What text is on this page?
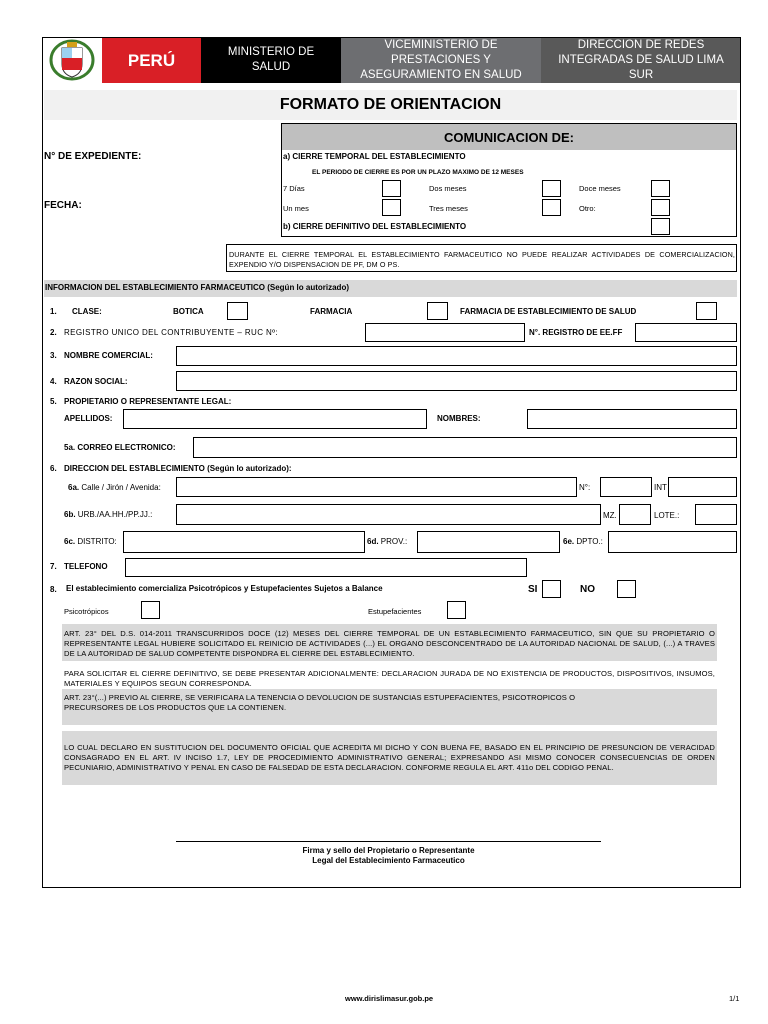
PERÚ	MINISTERIO DE SALUD
VICEMINISTERIO DE PRESTACIONES Y ASEGURAMIENTO EN SALUD
DIRECCION DE REDES INTEGRADAS DE SALUD LIMA SUR
FORMATO DE ORIENTACION
N° DE EXPEDIENTE:
FECHA:
COMUNICACION DE:
a) CIERRE TEMPORAL DEL ESTABLECIMIENTO
EL PERIODO DE CIERRE ES POR UN PLAZO MAXIMO DE 12 MESES
7 Días	Dos meses	Doce meses
Un mes	Tres meses	Otro:
b) CIERRE DEFINITIVO DEL ESTABLECIMIENTO
DURANTE EL CIERRE TEMPORAL EL ESTABLECIMIENTO FARMACEUTICO NO PUEDE REALIZAR ACTIVIDADES DE COMERCIALIZACION, EXPENDIO Y/O DISPENSACION DE PF, DM O PS.
INFORMACION DEL ESTABLECIMIENTO FARMACEUTICO (Según lo autorizado)
1. CLASE:	BOTICA	FARMACIA	FARMACIA DE ESTABLECIMIENTO DE SALUD
2. REGISTRO UNICO DEL CONTRIBUYENTE – RUC Nº:	N°. REGISTRO DE EE.FF
3. NOMBRE COMERCIAL:
4. RAZON SOCIAL:
5. PROPIETARIO O REPRESENTANTE LEGAL:
APELLIDOS:	NOMBRES:
5a. CORREO ELECTRONICO:
6. DIRECCION DEL ESTABLECIMIENTO (Según lo autorizado):
6a. Calle / Jirón / Avenida:	N°:	INT
6b. URB./AA.HH./PP.JJ.:	MZ.	LOTE.:
6c. DISTRITO:	6d. PROV.:	6e. DPTO.:
7. TELEFONO
8. El establecimiento comercializa Psicotrópicos y Estupefacientes Sujetos a Balance	SI	NO
Psicotrópicos	Estupefacientes
ART. 23° DEL D.S. 014-2011 TRANSCURRIDOS DOCE (12) MESES DEL CIERRE TEMPORAL DE UN ESTABLECIMIENTO FARMACEUTICO, SIN QUE SU PROPIETARIO O REPRESENTANTE LEGAL HUBIERE SOLICITADO EL REINICIO DE ACTIVIDADES (...) EL ORGANO DESCONCENTRADO DE LA AUTORIDAD NACIONAL DE SALUD, (...) A TRAVES DE LA AUTORIDAD DE SALUD COMPETENTE DISPONDRA EL CIERRE DEL ESTABLECIMIENTO.
PARA SOLICITAR EL CIERRE DEFINITIVO, SE DEBE PRESENTAR ADICIONALMENTE: DECLARACION JURADA DE NO EXISTENCIA DE PRODUCTOS, DISPOSITIVOS, INSUMOS, MATERIALES Y EQUIPOS SEGUN CORRESPONDA.
ART. 23°(...) PREVIO AL CIERRE, SE VERIFICARA LA TENENCIA O DEVOLUCION DE SUSTANCIAS ESTUPEFACIENTES, PSICOTROPICOS O
PRECURSORES DE LOS PRODUCTOS QUE LA CONTIENEN.
LO CUAL DECLARO EN SUSTITUCION DEL DOCUMENTO OFICIAL QUE ACREDITA MI DICHO Y CON BUENA FE, BASADO EN EL PRINCIPIO DE PRESUNCION DE VERACIDAD CONSAGRADO EN EL ART. IV INCISO 1.7, LEY DE PROCEDIMIENTO ADMINISTRATIVO GENERAL; EXPRESANDO ASI MISMO CONOCER CONSECUENCIAS DE ORDEN PECUNIARIO, ADMINISTRATIVO Y PENAL EN CASO DE FALSEDAD DE ESTA DECLARACION. CONFORME REGULA EL ART. 411o DEL CODIGO PENAL.
Firma y sello del Propietario o Representante
Legal del Establecimiento Farmaceutico
www.dirislimasur.gob.pe	1/1
